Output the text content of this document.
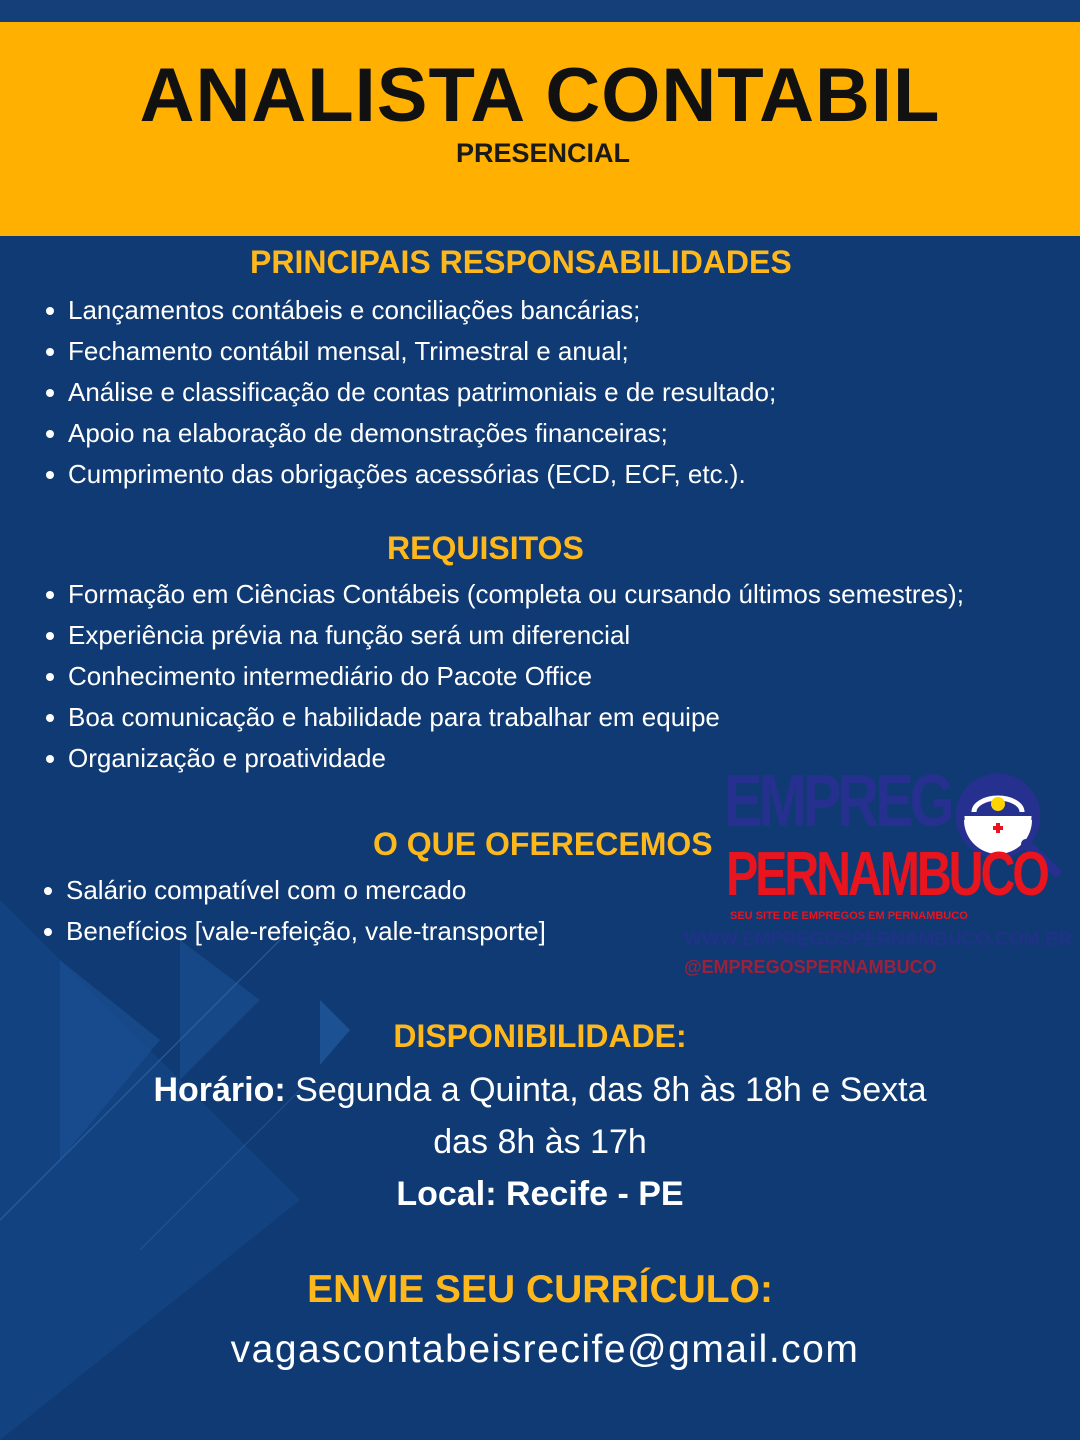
ANALISTA CONTABIL
PRESENCIAL
PRINCIPAIS RESPONSABILIDADES
Lançamentos contábeis e conciliações bancárias;
Fechamento contábil mensal, Trimestral e anual;
Análise e classificação de contas patrimoniais e de resultado;
Apoio na elaboração de demonstrações financeiras;
Cumprimento das obrigações acessórias (ECD, ECF, etc.).
REQUISITOS
Formação em Ciências Contábeis (completa ou cursando últimos semestres);
Experiência prévia na função será um diferencial
Conhecimento intermediário do Pacote Office
Boa comunicação e habilidade para trabalhar em equipe
Organização e proatividade
EMPREG
PERNAMBUCO
SEU SITE DE EMPREGOS EM PERNAMBUCO
WWW.EMPREGOSPERNAMBUCO.COM.BR
@EMPREGOSPERNAMBUCO
O QUE OFERECEMOS
Salário compatível com o mercado
Benefícios [vale-refeição, vale-transporte]
DISPONIBILIDADE:
Horário: Segunda a Quinta, das 8h às 18h e Sexta
das 8h às 17h
Local: Recife - PE
ENVIE SEU CURRÍCULO:
vagascontabeisrecife@gmail.com
